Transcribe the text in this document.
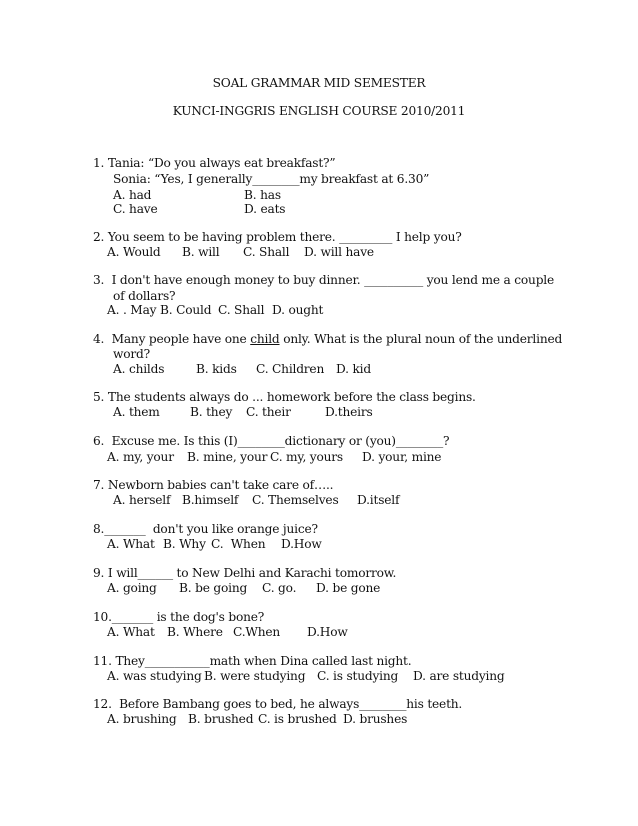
SOAL GRAMMAR MID SEMESTER
KUNCI-INGGRIS ENGLISH COURSE 2010/2011
1. Tania: “Do you always eat breakfast?”
Sonia: “Yes, I generally________my breakfast at 6.30”
A. had	B. has
C. have	D. eats
2. You seem to be having problem there. _________ I help you?
A. Would B. will C. Shall D. will have
3.  I don't have enough money to buy dinner. __________ you lend me a couple
of dollars?
A. . May B. Could C. Shall D. ought
4.  Many people have one child only. What is the plural noun of the underlined
word?
A. childs	B. kids C. Children D. kid
5. The students always do ... homework before the class begins.
A. them B. they C. their	D.theirs
6.  Excuse me. Is this (I)________dictionary or (you)________?
A. my, your B. mine, your C. my, yours D. your, mine
7. Newborn babies can't take care of…..
A. herself B.himself C. Themselves D.itself
8._______  don't you like orange juice?
A. What B. Why C.  When D.How
9. I will______ to New Delhi and Karachi tomorrow.
A. going B. be going C. go. D. be gone
10._______ is the dog's bone?
A. What B. Where C.When D.How
11. They___________math when Dina called last night.
A. was studying B. were studying C. is studying D. are studying
12.  Before Bambang goes to bed, he always________his teeth.
A. brushing B. brushed C. is brushed D. brushes
